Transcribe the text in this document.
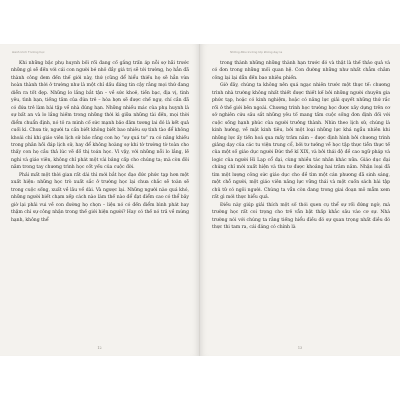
Hành trình Trường học

Khi những bậc phụ huynh bối rối đang cố gắng trấn áp nỗi sợ hãi trước những gì sẽ đến với cái con người bé nhỏ đầy giá trị sẽ tới trường, họ hẳn đã thành công đem đến thế giới này, thứ (cũng để hiểu thiếu họ sẽ hẳn vừa hoàn thành thời ở trường như là một chỉ dấu đáng tin cậy rằng mọi thứ đang diễn ra tốt đẹp. Những lo lắng bắt tận – về sức khoẻ, tiền bạc, địa vị, tình yêu, tình bạn, tiếng tăm của đứa trẻ – hòa hợn sẽ được chế ngự, chí cần đã có đứa trẻ làm bài tập về nhà đúng hạn. Những nhiều mác của phụ huynh là sự bất an và lo lắng hiếm trong những thời kì giữa những tài đến, mọi thời điểm chuẩn định, nó tỏ ra mình cố sức mạnh bảo đảm tương lai đó là kết quả cuối kì. Chưa từ, người ta cần biết không biết bao nhiêu sự tình tào để không khoái chí khi giáo viên lịch sử bảo rằng con họ “sự quá tư” ra có năng khiếu trong phân hồi đáp lịch sử, hay để không hoàng sợ khi tờ trường tờ toàn cho thấy con họ cầu thả lúc vẽ đồ thị toán học. Vì vậy, với những nỗi lo lắng, lẽ nghi và giáo viên, không chỉ phát một vài bảng cấp cho chúng ta; mà còn đôi năm trong tay chương trình học cốt yếu của cuộc đời.

Phải mất một thời gian rất dài thì mới bắt học đạo đức phức tạp hơn một xuất hiện: những học trò xuất sắc ở trường học lại chưa chắc sẽ toàn sẽ trong cuộc sống, xuất về lâu về dài. Và ngược lại. Những người nào quá khó, những người biết chạm xếp cách nào làm thế nào để đạt điểm cao có thể bây giờ lại phải vui về con đường họ chọn – liệu nó có đến điểm bình phát hay thậm chí sự công nhận trong thế giới hiện người? Hay có thế nó trả về mừng hạnh, không thể

12
Những điều trường lớp không dạy ta

trong thành những những thành hạn trước đó và thật là thế thảo quả và có đơn trong những mối quan hệ. Con đường những như nhất chẳm chăm công lại lại dẫn đến bao nhiêu phiền.

Giờ đây, chúng ta không nên quá ngạc nhiên trước một thực tế: chương trình nhà trường không nhất thiết được thiết kế bởi những người chuyên gia phức tạp, hoặc có kinh nghiệm, hoặc có năng lực giải quyết những thứ rắc rối ở thế giới bên ngoài. Chương trình học trường học được xây dựng trên cơ sở nghiên cứu sâu sắt những yêu tố mang tầm cuộc sống đơn định đối với cuộc sống hạnh phúc của người trưởng thành. Nhìn theo lịch sử, chúng là kinh hưởng, về mặt kinh tiêu, bởi một loại những lực khá ngẫu nhiên khi những lực ấy tiến hoá qua mấy trăm năm – được định hình bởi chương trình giảng dạy của các tu viện trung cổ, bởi tư tưởng về học tập thực tiễn thực tế của một số giáo dục người Đức thế kỉ XIX, và bởi thái độ đề cao ngữ pháp và logic của người Hi Lạp cổ đại, cùng nhiều tác nhân khác nữa. Giáo dục đại chúng chỉ mới xuất hiện và thu tư được khoảng hai trăm năm. Nhận loại đã tìm một lượng công sức giáo dục cho đề tìm một cán phương đã sinh sáng, một chỗ người, một giáo viên năng lực vững thái và một cuốn sách bài tập chủ tử có ngôi người. Chúng ta vẫn còn đang trong giai đoạn mô mẫm xem rất gì mới thực hiểu quả.

Điều này giúp giải thích một số thói quen cụ thể sự rối đứng ngờ, mà trường học rất coi trọng cho trẻ vẫn bật thấp khắc sâu vào cơ sự. Nhà trường nói với chúng ta rằng tiếng hiểu điều đó sự quan trọng nhất điều đó thực thi tam ra, cái đáng có chính là

13
